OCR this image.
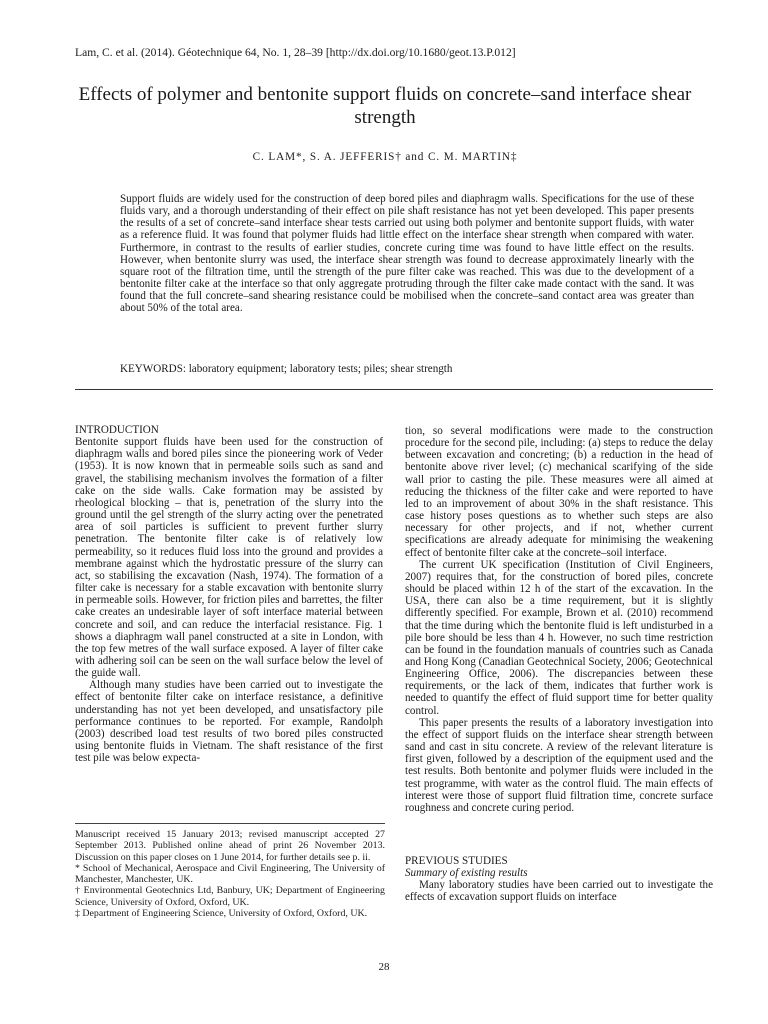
Lam, C. et al. (2014). Géotechnique 64, No. 1, 28–39 [http://dx.doi.org/10.1680/geot.13.P.012]
Effects of polymer and bentonite support fluids on concrete–sand interface shear strength
C. LAM*, S. A. JEFFERIS† and C. M. MARTIN‡
Support fluids are widely used for the construction of deep bored piles and diaphragm walls. Specifications for the use of these fluids vary, and a thorough understanding of their effect on pile shaft resistance has not yet been developed. This paper presents the results of a set of concrete–sand interface shear tests carried out using both polymer and bentonite support fluids, with water as a reference fluid. It was found that polymer fluids had little effect on the interface shear strength when compared with water. Furthermore, in contrast to the results of earlier studies, concrete curing time was found to have little effect on the results. However, when bentonite slurry was used, the interface shear strength was found to decrease approximately linearly with the square root of the filtration time, until the strength of the pure filter cake was reached. This was due to the development of a bentonite filter cake at the interface so that only aggregate protruding through the filter cake made contact with the sand. It was found that the full concrete–sand shearing resistance could be mobilised when the concrete–sand contact area was greater than about 50% of the total area.
KEYWORDS: laboratory equipment; laboratory tests; piles; shear strength

INTRODUCTION

Bentonite support fluids have been used for the construction of diaphragm walls and bored piles since the pioneering work of Veder (1953). It is now known that in permeable soils such as sand and gravel, the stabilising mechanism involves the formation of a filter cake on the side walls. Cake formation may be assisted by rheological blocking – that is, penetration of the slurry into the ground until the gel strength of the slurry acting over the penetrated area of soil particles is sufficient to prevent further slurry penetration. The bentonite filter cake is of relatively low permeability, so it reduces fluid loss into the ground and provides a membrane against which the hydrostatic pressure of the slurry can act, so stabilising the excavation (Nash, 1974). The formation of a filter cake is necessary for a stable excavation with bentonite slurry in permeable soils. However, for friction piles and barrettes, the filter cake creates an undesirable layer of soft interface material between concrete and soil, and can reduce the interfacial resistance. Fig. 1 shows a diaphragm wall panel constructed at a site in London, with the top few metres of the wall surface exposed. A layer of filter cake with adhering soil can be seen on the wall surface below the level of the guide wall.

Although many studies have been carried out to investigate the effect of bentonite filter cake on interface resistance, a definitive understanding has not yet been developed, and unsatisfactory pile performance continues to be reported. For example, Randolph (2003) described load test results of two bored piles constructed using bentonite fluids in Vietnam. The shaft resistance of the first test pile was below expecta-

Manuscript received 15 January 2013; revised manuscript accepted 27 September 2013. Published online ahead of print 26 November 2013. Discussion on this paper closes on 1 June 2014, for further details see p. ii.

* School of Mechanical, Aerospace and Civil Engineering, The University of Manchester, Manchester, UK.

† Environmental Geotechnics Ltd, Banbury, UK; Department of Engineering Science, University of Oxford, Oxford, UK.

‡ Department of Engineering Science, University of Oxford, Oxford, UK.

tion, so several modifications were made to the construction procedure for the second pile, including: (a) steps to reduce the delay between excavation and concreting; (b) a reduction in the head of bentonite above river level; (c) mechanical scarifying of the side wall prior to casting the pile. These measures were all aimed at reducing the thickness of the filter cake and were reported to have led to an improvement of about 30% in the shaft resistance. This case history poses questions as to whether such steps are also necessary for other projects, and if not, whether current specifications are already adequate for minimising the weakening effect of bentonite filter cake at the concrete–soil interface.

The current UK specification (Institution of Civil Engineers, 2007) requires that, for the construction of bored piles, concrete should be placed within 12 h of the start of the excavation. In the USA, there can also be a time requirement, but it is slightly differently specified. For example, Brown et al. (2010) recommend that the time during which the bentonite fluid is left undisturbed in a pile bore should be less than 4 h. However, no such time restriction can be found in the foundation manuals of countries such as Canada and Hong Kong (Canadian Geotechnical Society, 2006; Geotechnical Engineering Office, 2006). The discrepancies between these requirements, or the lack of them, indicates that further work is needed to quantify the effect of fluid support time for better quality control.

This paper presents the results of a laboratory investigation into the effect of support fluids on the interface shear strength between sand and cast in situ concrete. A review of the relevant literature is first given, followed by a description of the equipment used and the test results. Both bentonite and polymer fluids were included in the test programme, with water as the control fluid. The main effects of interest were those of support fluid filtration time, concrete surface roughness and concrete curing period.

PREVIOUS STUDIES

Summary of existing results

Many laboratory studies have been carried out to investigate the effects of excavation support fluids on interface

28
